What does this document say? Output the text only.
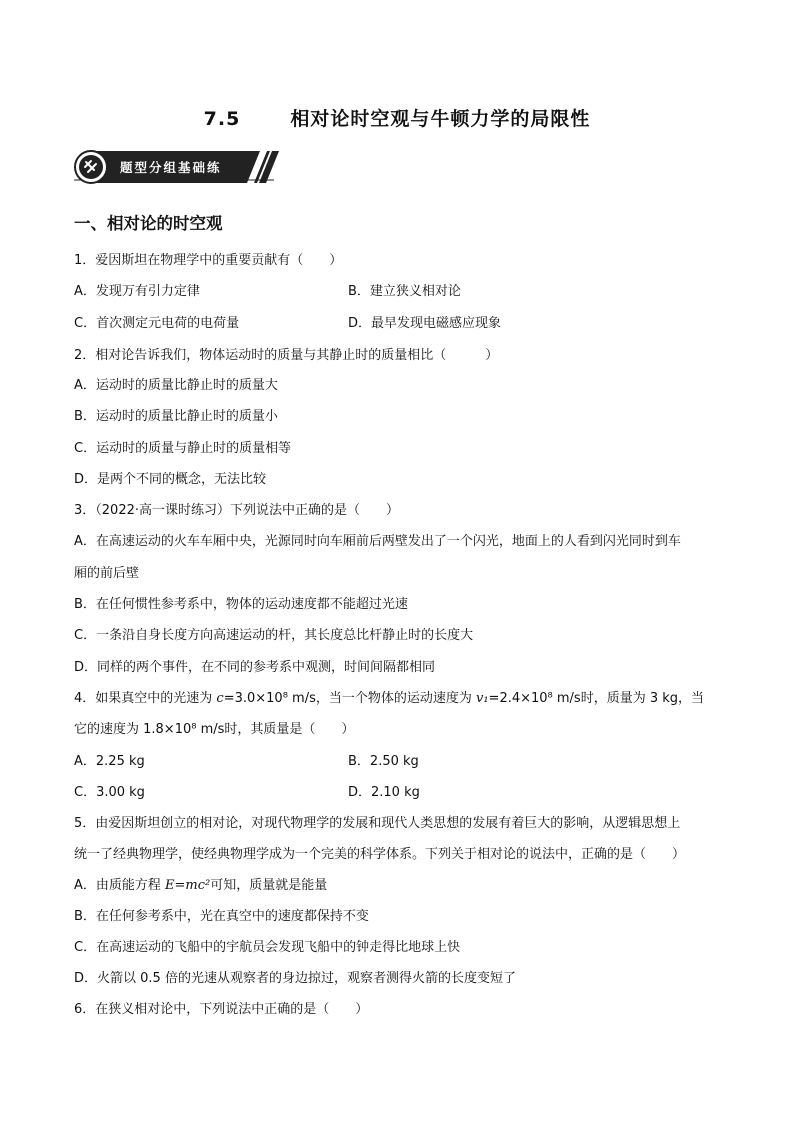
7.5	相对论时空观与牛顿力学的局限性
题型分组基础练
一、相对论的时空观
1．爱因斯坦在物理学中的重要贡献有（　　）
A．发现万有引力定律	B．建立狭义相对论
C．首次测定元电荷的电荷量	D．最早发现电磁感应现象
2．相对论告诉我们，物体运动时的质量与其静止时的质量相比（　　　）
A．运动时的质量比静止时的质量大
B．运动时的质量比静止时的质量小
C．运动时的质量与静止时的质量相等
D．是两个不同的概念，无法比较
3．（2022·高一课时练习）下列说法中正确的是（　　）
A．在高速运动的火车车厢中央，光源同时向车厢前后两壁发出了一个闪光，地面上的人看到闪光同时到车
厢的前后壁
B．在任何惯性参考系中，物体的运动速度都不能超过光速
C．一条沿自身长度方向高速运动的杆，其长度总比杆静止时的长度大
D．同样的两个事件，在不同的参考系中观测，时间间隔都相同
4．如果真空中的光速为 c=3.0×10⁸ m/s，当一个物体的运动速度为 v₁=2.4×10⁸ m/s时，质量为 3 kg，当
它的速度为 1.8×10⁸ m/s时，其质量是（　　）
A．2.25 kg	B．2.50 kg
C．3.00 kg	D．2.10 kg
5．由爱因斯坦创立的相对论，对现代物理学的发展和现代人类思想的发展有着巨大的影响，从逻辑思想上
统一了经典物理学，使经典物理学成为一个完美的科学体系。下列关于相对论的说法中，正确的是（　　）
A．由质能方程 E=mc²可知，质量就是能量
B．在任何参考系中，光在真空中的速度都保持不变
C．在高速运动的飞船中的宇航员会发现飞船中的钟走得比地球上快
D．火箭以 0.5 倍的光速从观察者的身边掠过，观察者测得火箭的长度变短了
6．在狭义相对论中，下列说法中正确的是（　　）
